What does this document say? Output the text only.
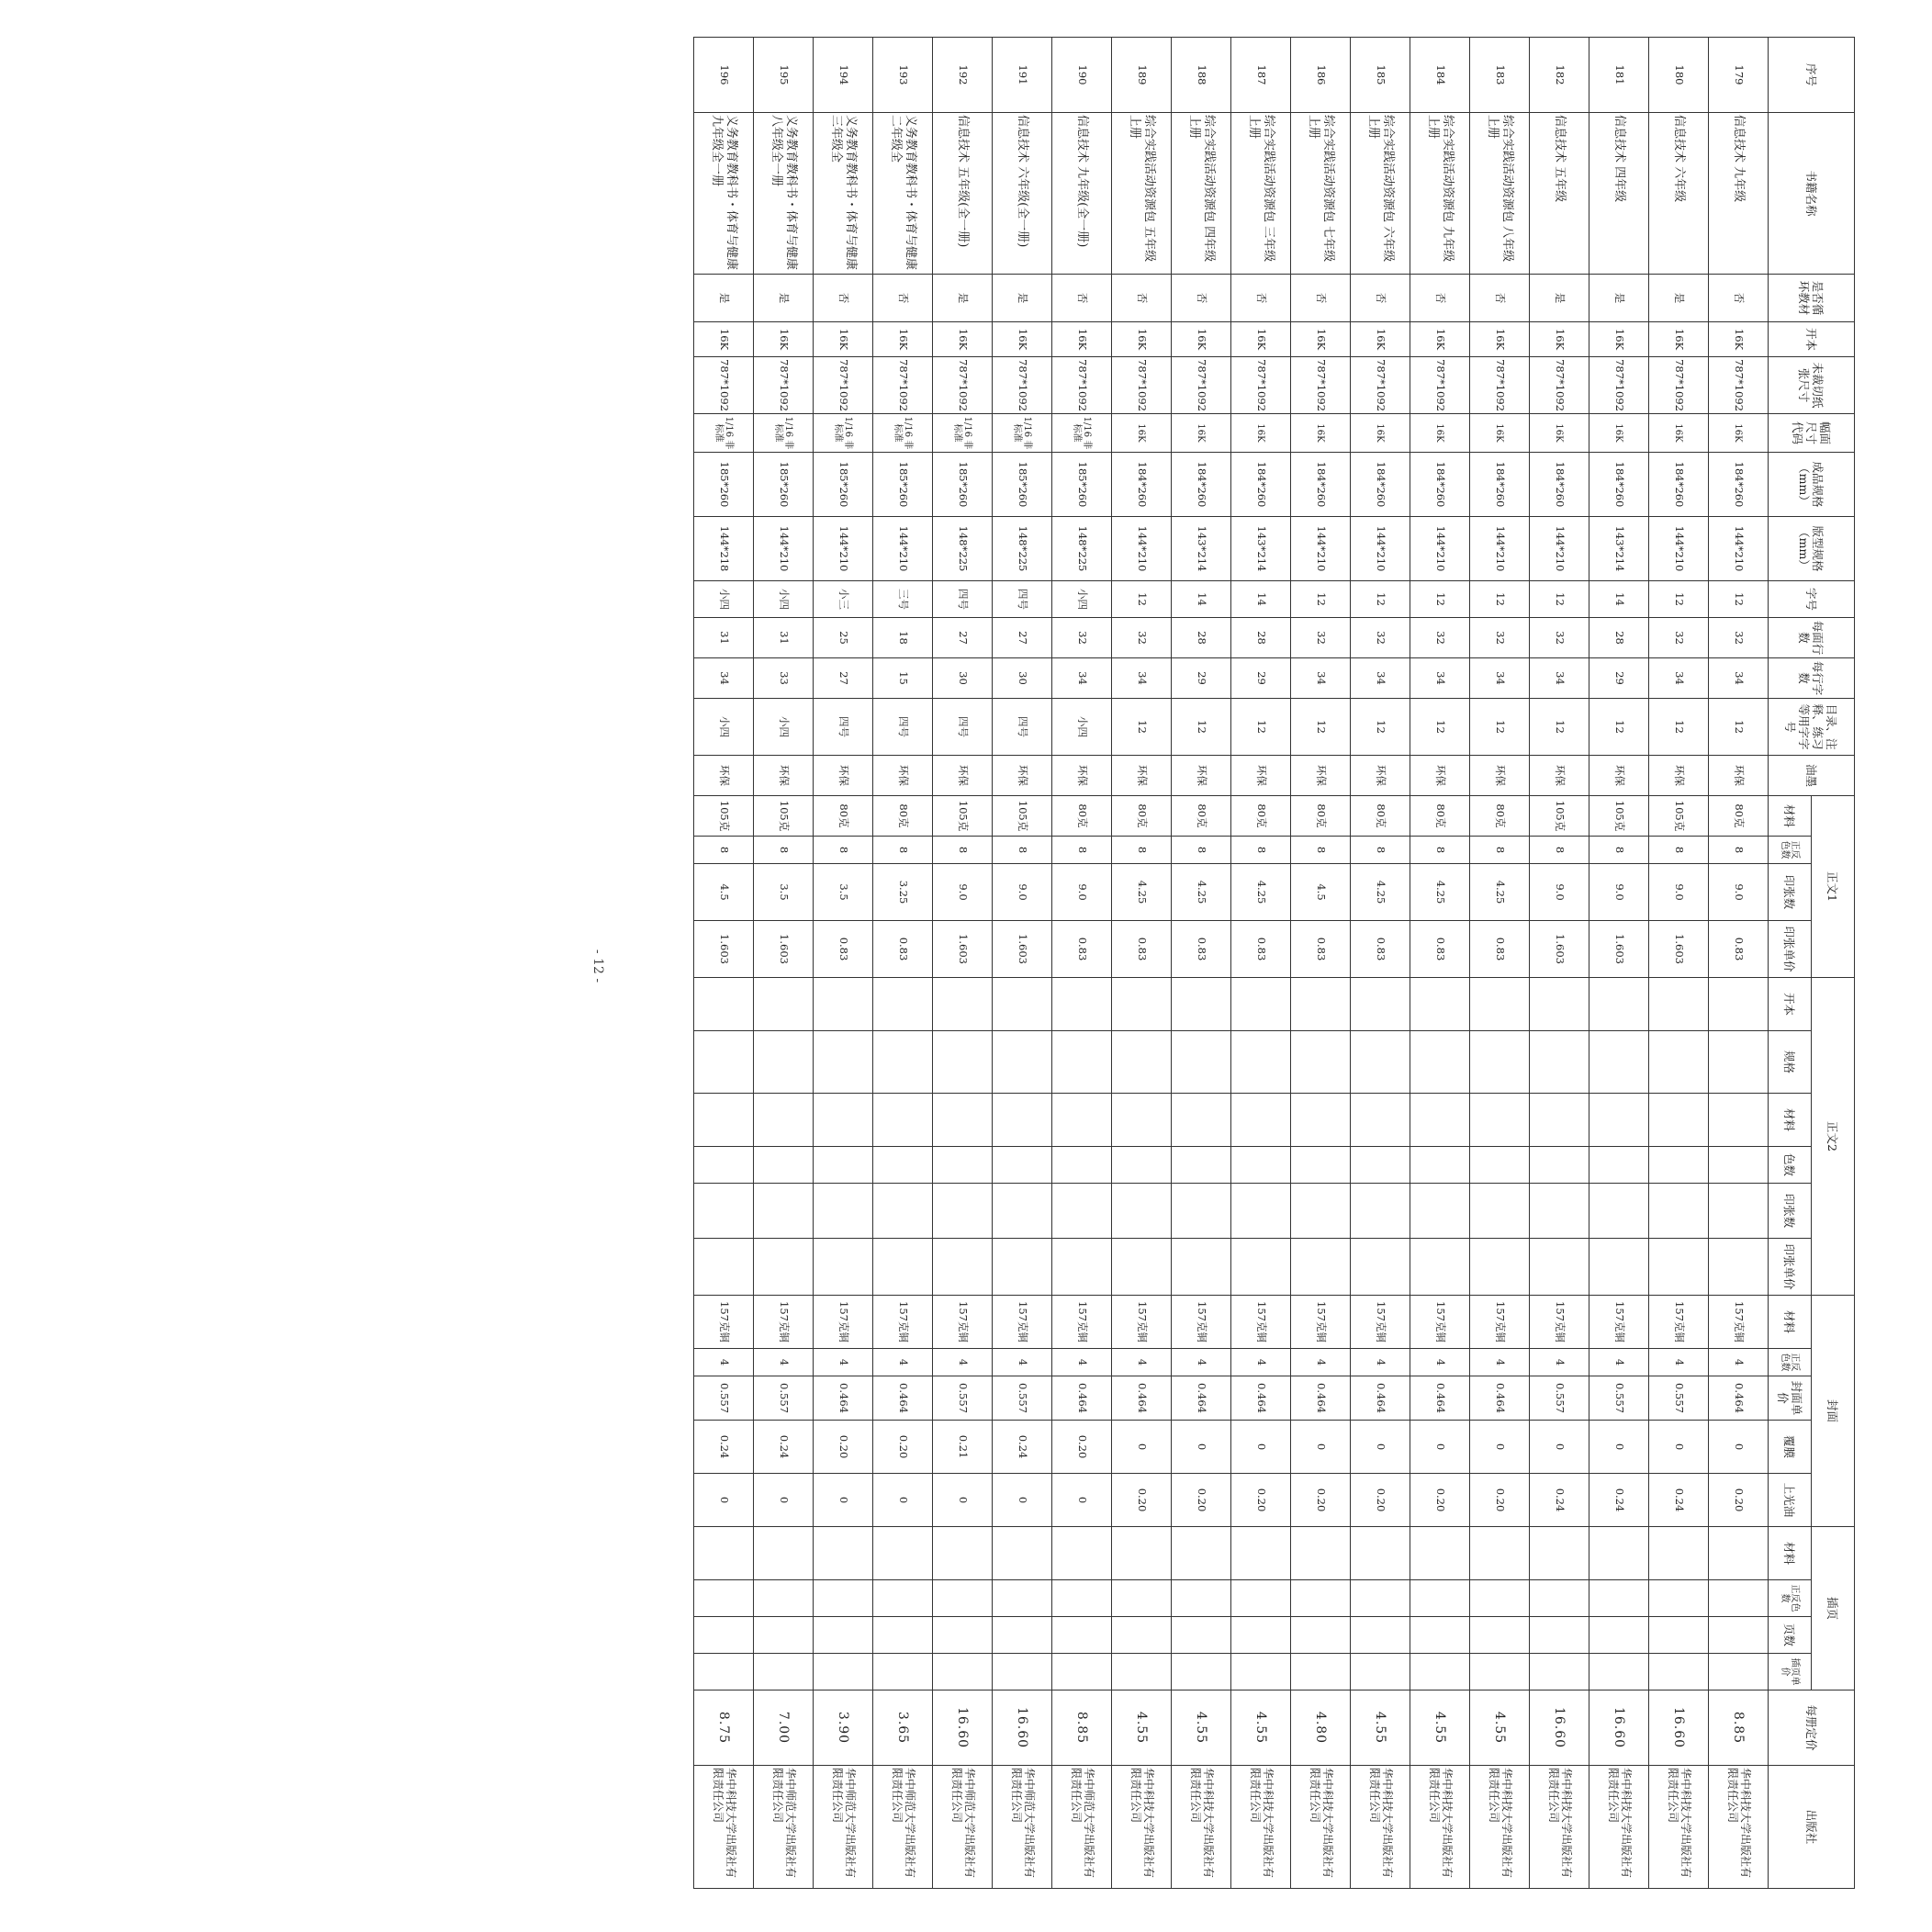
序号	书籍名称	是否循环教材	开本	未裁切纸张尺寸	幅面尺寸代码	成品规格（mm）	版型规格（mm）	字号	每面行数	每行字数	目录、注释、练习等用字字号	油墨	正文1				正文2						封面					插页				每册定价	出版社
													材料	正反色数	印张数	印张单价	开本	规格	材料	色数	印张数	印张单价	材料	正反色数	封面单价	覆膜	上光油	材料	正反色数	页数	插页单价		
179	信息技术 九年级	否	16K	787*1092	16K	184*260	144*210	12	32	34	12	环保	80克	8	9.0	0.83							157克铜	4	0.464	0	0.20					8.85	华中科技大学出版社有限责任公司
180	信息技术 六年级	是	16K	787*1092	16K	184*260	144*210	12	32	34	12	环保	105克	8	9.0	1.603							157克铜	4	0.557	0	0.24					16.60	华中科技大学出版社有限责任公司
181	信息技术 四年级	是	16K	787*1092	16K	184*260	143*214	14	28	29	12	环保	105克	8	9.0	1.603							157克铜	4	0.557	0	0.24					16.60	华中科技大学出版社有限责任公司
182	信息技术 五年级	是	16K	787*1092	16K	184*260	144*210	12	32	34	12	环保	105克	8	9.0	1.603							157克铜	4	0.557	0	0.24					16.60	华中科技大学出版社有限责任公司
183	综合实践活动资源包 八年级 上册	否	16K	787*1092	16K	184*260	144*210	12	32	34	12	环保	80克	8	4.25	0.83							157克铜	4	0.464	0	0.20					4.55	华中科技大学出版社有限责任公司
184	综合实践活动资源包 九年级 上册	否	16K	787*1092	16K	184*260	144*210	12	32	34	12	环保	80克	8	4.25	0.83							157克铜	4	0.464	0	0.20					4.55	华中科技大学出版社有限责任公司
185	综合实践活动资源包 六年级 上册	否	16K	787*1092	16K	184*260	144*210	12	32	34	12	环保	80克	8	4.25	0.83							157克铜	4	0.464	0	0.20					4.55	华中科技大学出版社有限责任公司
186	综合实践活动资源包 七年级 上册	否	16K	787*1092	16K	184*260	144*210	12	32	34	12	环保	80克	8	4.5	0.83							157克铜	4	0.464	0	0.20					4.80	华中科技大学出版社有限责任公司
187	综合实践活动资源包 三年级 上册	否	16K	787*1092	16K	184*260	143*214	14	28	29	12	环保	80克	8	4.25	0.83							157克铜	4	0.464	0	0.20					4.55	华中科技大学出版社有限责任公司
188	综合实践活动资源包 四年级 上册	否	16K	787*1092	16K	184*260	143*214	14	28	29	12	环保	80克	8	4.25	0.83							157克铜	4	0.464	0	0.20					4.55	华中科技大学出版社有限责任公司
189	综合实践活动资源包 五年级 上册	否	16K	787*1092	16K	184*260	144*210	12	32	34	12	环保	80克	8	4.25	0.83							157克铜	4	0.464	0	0.20					4.55	华中科技大学出版社有限责任公司
190	信息技术 九年级(全一册)	否	16K	787*1092	1/16 非标准	185*260	148*225	小四	32	34	小四	环保	80克	8	9.0	0.83							157克铜	4	0.464	0.20	0					8.85	华中师范大学出版社有限责任公司
191	信息技术 六年级(全一册)	是	16K	787*1092	1/16 非标准	185*260	148*225	四号	27	30	四号	环保	105克	8	9.0	1.603							157克铜	4	0.557	0.24	0					16.60	华中师范大学出版社有限责任公司
192	信息技术 五年级(全一册)	是	16K	787*1092	1/16 非标准	185*260	148*225	四号	27	30	四号	环保	105克	8	9.0	1.603							157克铜	4	0.557	0.21	0					16.60	华中师范大学出版社有限责任公司
193	义务教育教科书・体育与健康 二年级全	否	16K	787*1092	1/16 非标准	185*260	144*210	三号	18	15	四号	环保	80克	8	3.25	0.83							157克铜	4	0.464	0.20	0					3.65	华中师范大学出版社有限责任公司
194	义务教育教科书・体育与健康 三年级全	否	16K	787*1092	1/16 非标准	185*260	144*210	小三	25	27	四号	环保	80克	8	3.5	0.83							157克铜	4	0.464	0.20	0					3.90	华中师范大学出版社有限责任公司
195	义务教育教科书・体育与健康 八年级全一册	是	16K	787*1092	1/16 非标准	185*260	144*210	小四	31	33	小四	环保	105克	8	3.5	1.603							157克铜	4	0.557	0.24	0					7.00	华中师范大学出版社有限责任公司
196	义务教育教科书・体育与健康 九年级全一册	是	16K	787*1092	1/16 非标准	185*260	144*218	小四	31	34	小四	环保	105克	8	4.5	1.603							157克铜	4	0.557	0.24	0					8.75	华中科技大学出版社有限责任公司
- 12 -
